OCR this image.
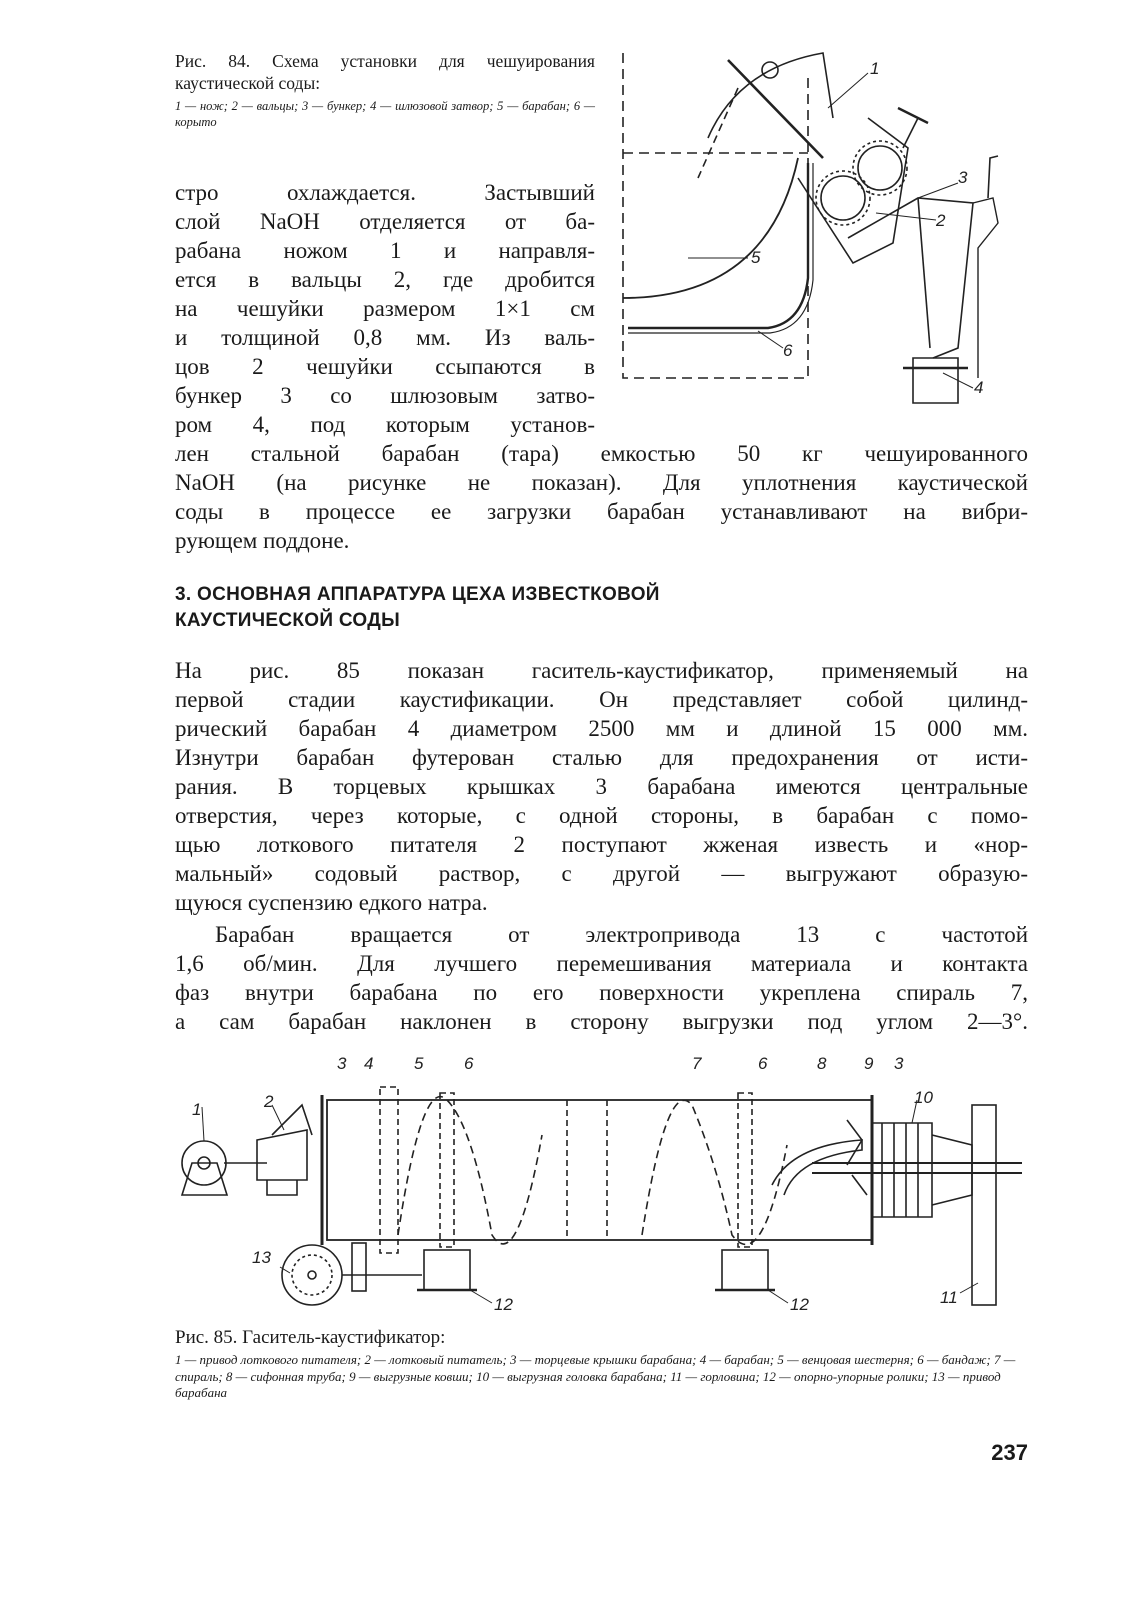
Рис. 84. Схема установки для чешуирования каустической соды:
1 — нож; 2 — вальцы; 3 — бункер; 4 — шлюзовой затвор; 5 — барабан; 6 — корыто
1
2
3
4
5
6
стро охлаждается. Застывший
слой NaOH отделяется от ба-
рабана ножом 1 и направля-
ется в вальцы 2, где дробится
на чешуйки размером 1×1 см
и толщиной 0,8 мм. Из валь-
цов 2 чешуйки ссыпаются в
бункер 3 со шлюзовым затво-
ром 4, под которым установ-
лен стальной барабан (тара) емкостью 50 кг чешуированного
NaOH (на рисунке не показан). Для уплотнения каустической
соды в процессе ее загрузки барабан устанавливают на вибри-
рующем поддоне.
3. ОСНОВНАЯ АППАРАТУРА ЦЕХА ИЗВЕСТКОВОЙ
КАУСТИЧЕСКОЙ СОДЫ
На рис. 85 показан гаситель-каустификатор, применяемый на
первой стадии каустификации. Он представляет собой цилинд-
рический барабан 4 диаметром 2500 мм и длиной 15 000 мм.
Изнутри барабан футерован сталью для предохранения от исти-
рания. В торцевых крышках 3 барабана имеются центральные
отверстия, через которые, с одной стороны, в барабан с помо-
щью лоткового питателя 2 поступают жженая известь и «нор-
мальный» содовый раствор, с другой — выгружают образую-
щуюся суспензию едкого натра.
Барабан вращается от электропривода 13 с частотой
1,6 об/мин. Для лучшего перемешивания материала и контакта
фаз внутри барабана по его поверхности укреплена спираль 7,
а сам барабан наклонен в сторону выгрузки под углом 2—3°.
1	2
3 4 5 6	7	6	8 9 3
10
11
12	12
13
Рис. 85. Гаситель-каустификатор:
1 — привод лоткового питателя; 2 — лотковый питатель; 3 — торцевые крышки барабана; 4 — барабан; 5 — венцовая шестерня; 6 — бандаж; 7 — спираль; 8 — сифонная труба; 9 — выгрузные ковши; 10 — выгрузная головка барабана; 11 — горловина; 12 — опорно-упорные ролики; 13 — привод барабана
237
